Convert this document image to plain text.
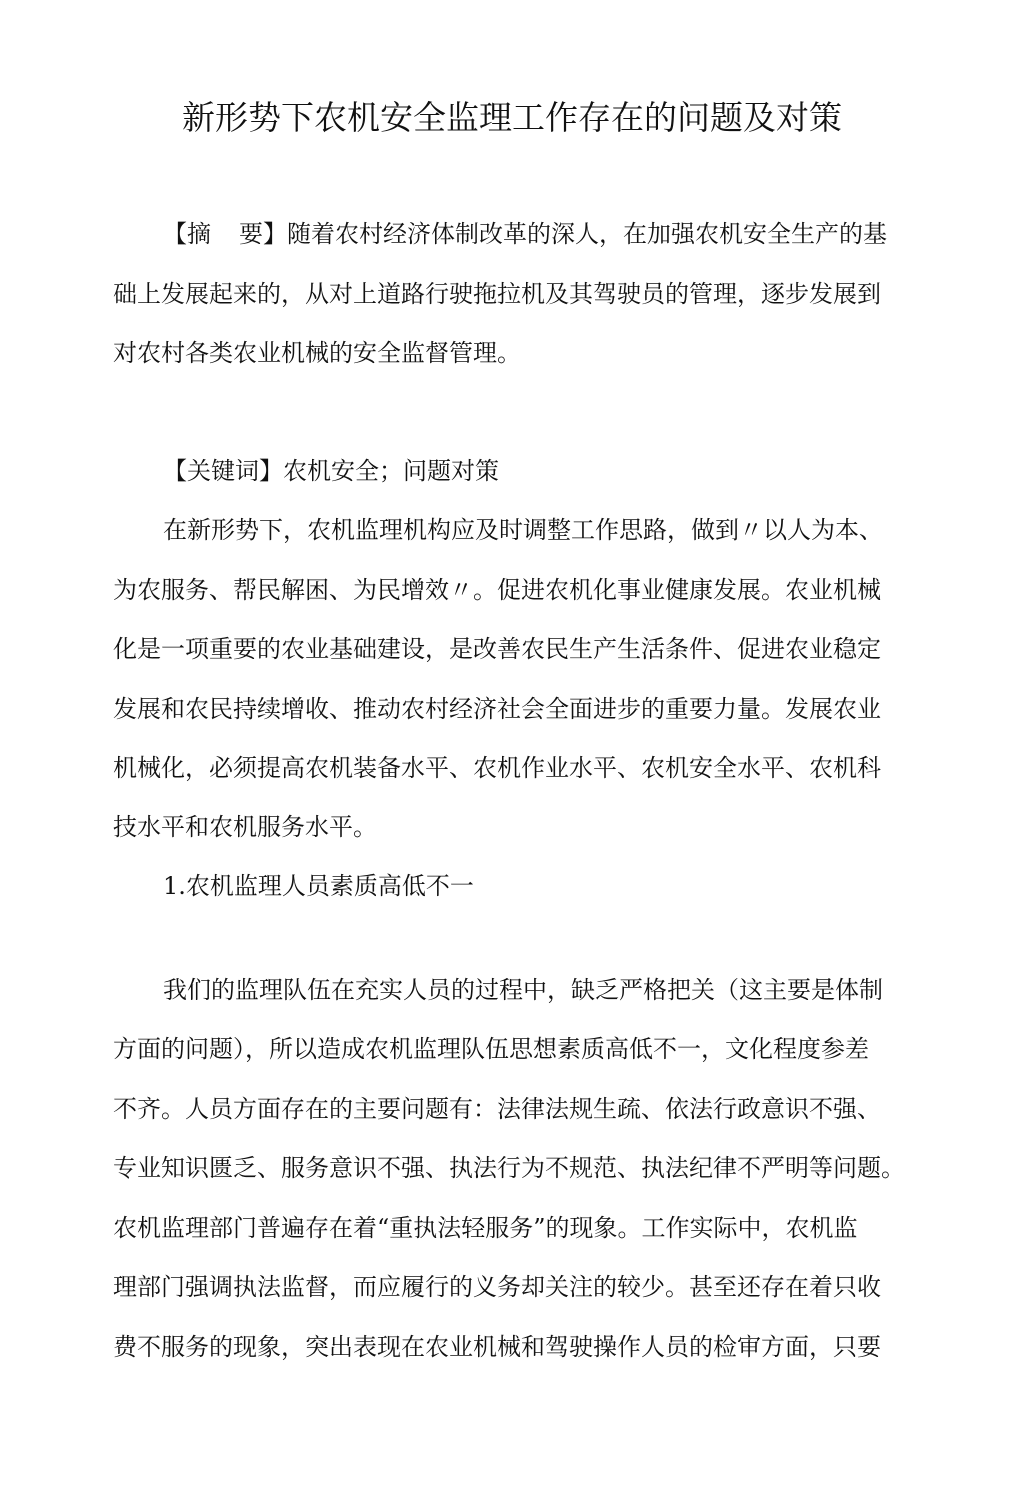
新形势下农机安全监理工作存在的问题及对策

【摘 要】随着农村经济体制改革的深人，在加强农机安全生产的基

础上发展起来的，从对上道路行驶拖拉机及其驾驶员的管理，逐步发展到

对农村各类农业机械的安全监督管理。

【关键词】农机安全；问题对策

在新形势下，农机监理机构应及时调整工作思路，做到〃以人为本、

为农服务、帮民解困、为民增效〃。促进农机化事业健康发展。农业机械

化是一项重要的农业基础建设，是改善农民生产生活条件、促进农业稳定

发展和农民持续增收、推动农村经济社会全面进步的重要力量。发展农业

机械化，必须提高农机装备水平、农机作业水平、农机安全水平、农机科

技水平和农机服务水平。

1.农机监理人员素质高低不一

我们的监理队伍在充实人员的过程中，缺乏严格把关（这主要是体制

方面的问题），所以造成农机监理队伍思想素质高低不一，文化程度参差

不齐。人员方面存在的主要问题有：法律法规生疏、依法行政意识不强、

专业知识匮乏、服务意识不强、执法行为不规范、执法纪律不严明等问题。

农机监理部门普遍存在着“重执法轻服务”的现象。工作实际中，农机监

理部门强调执法监督，而应履行的义务却关注的较少。甚至还存在着只收

费不服务的现象，突出表现在农业机械和驾驶操作人员的检审方面，只要
